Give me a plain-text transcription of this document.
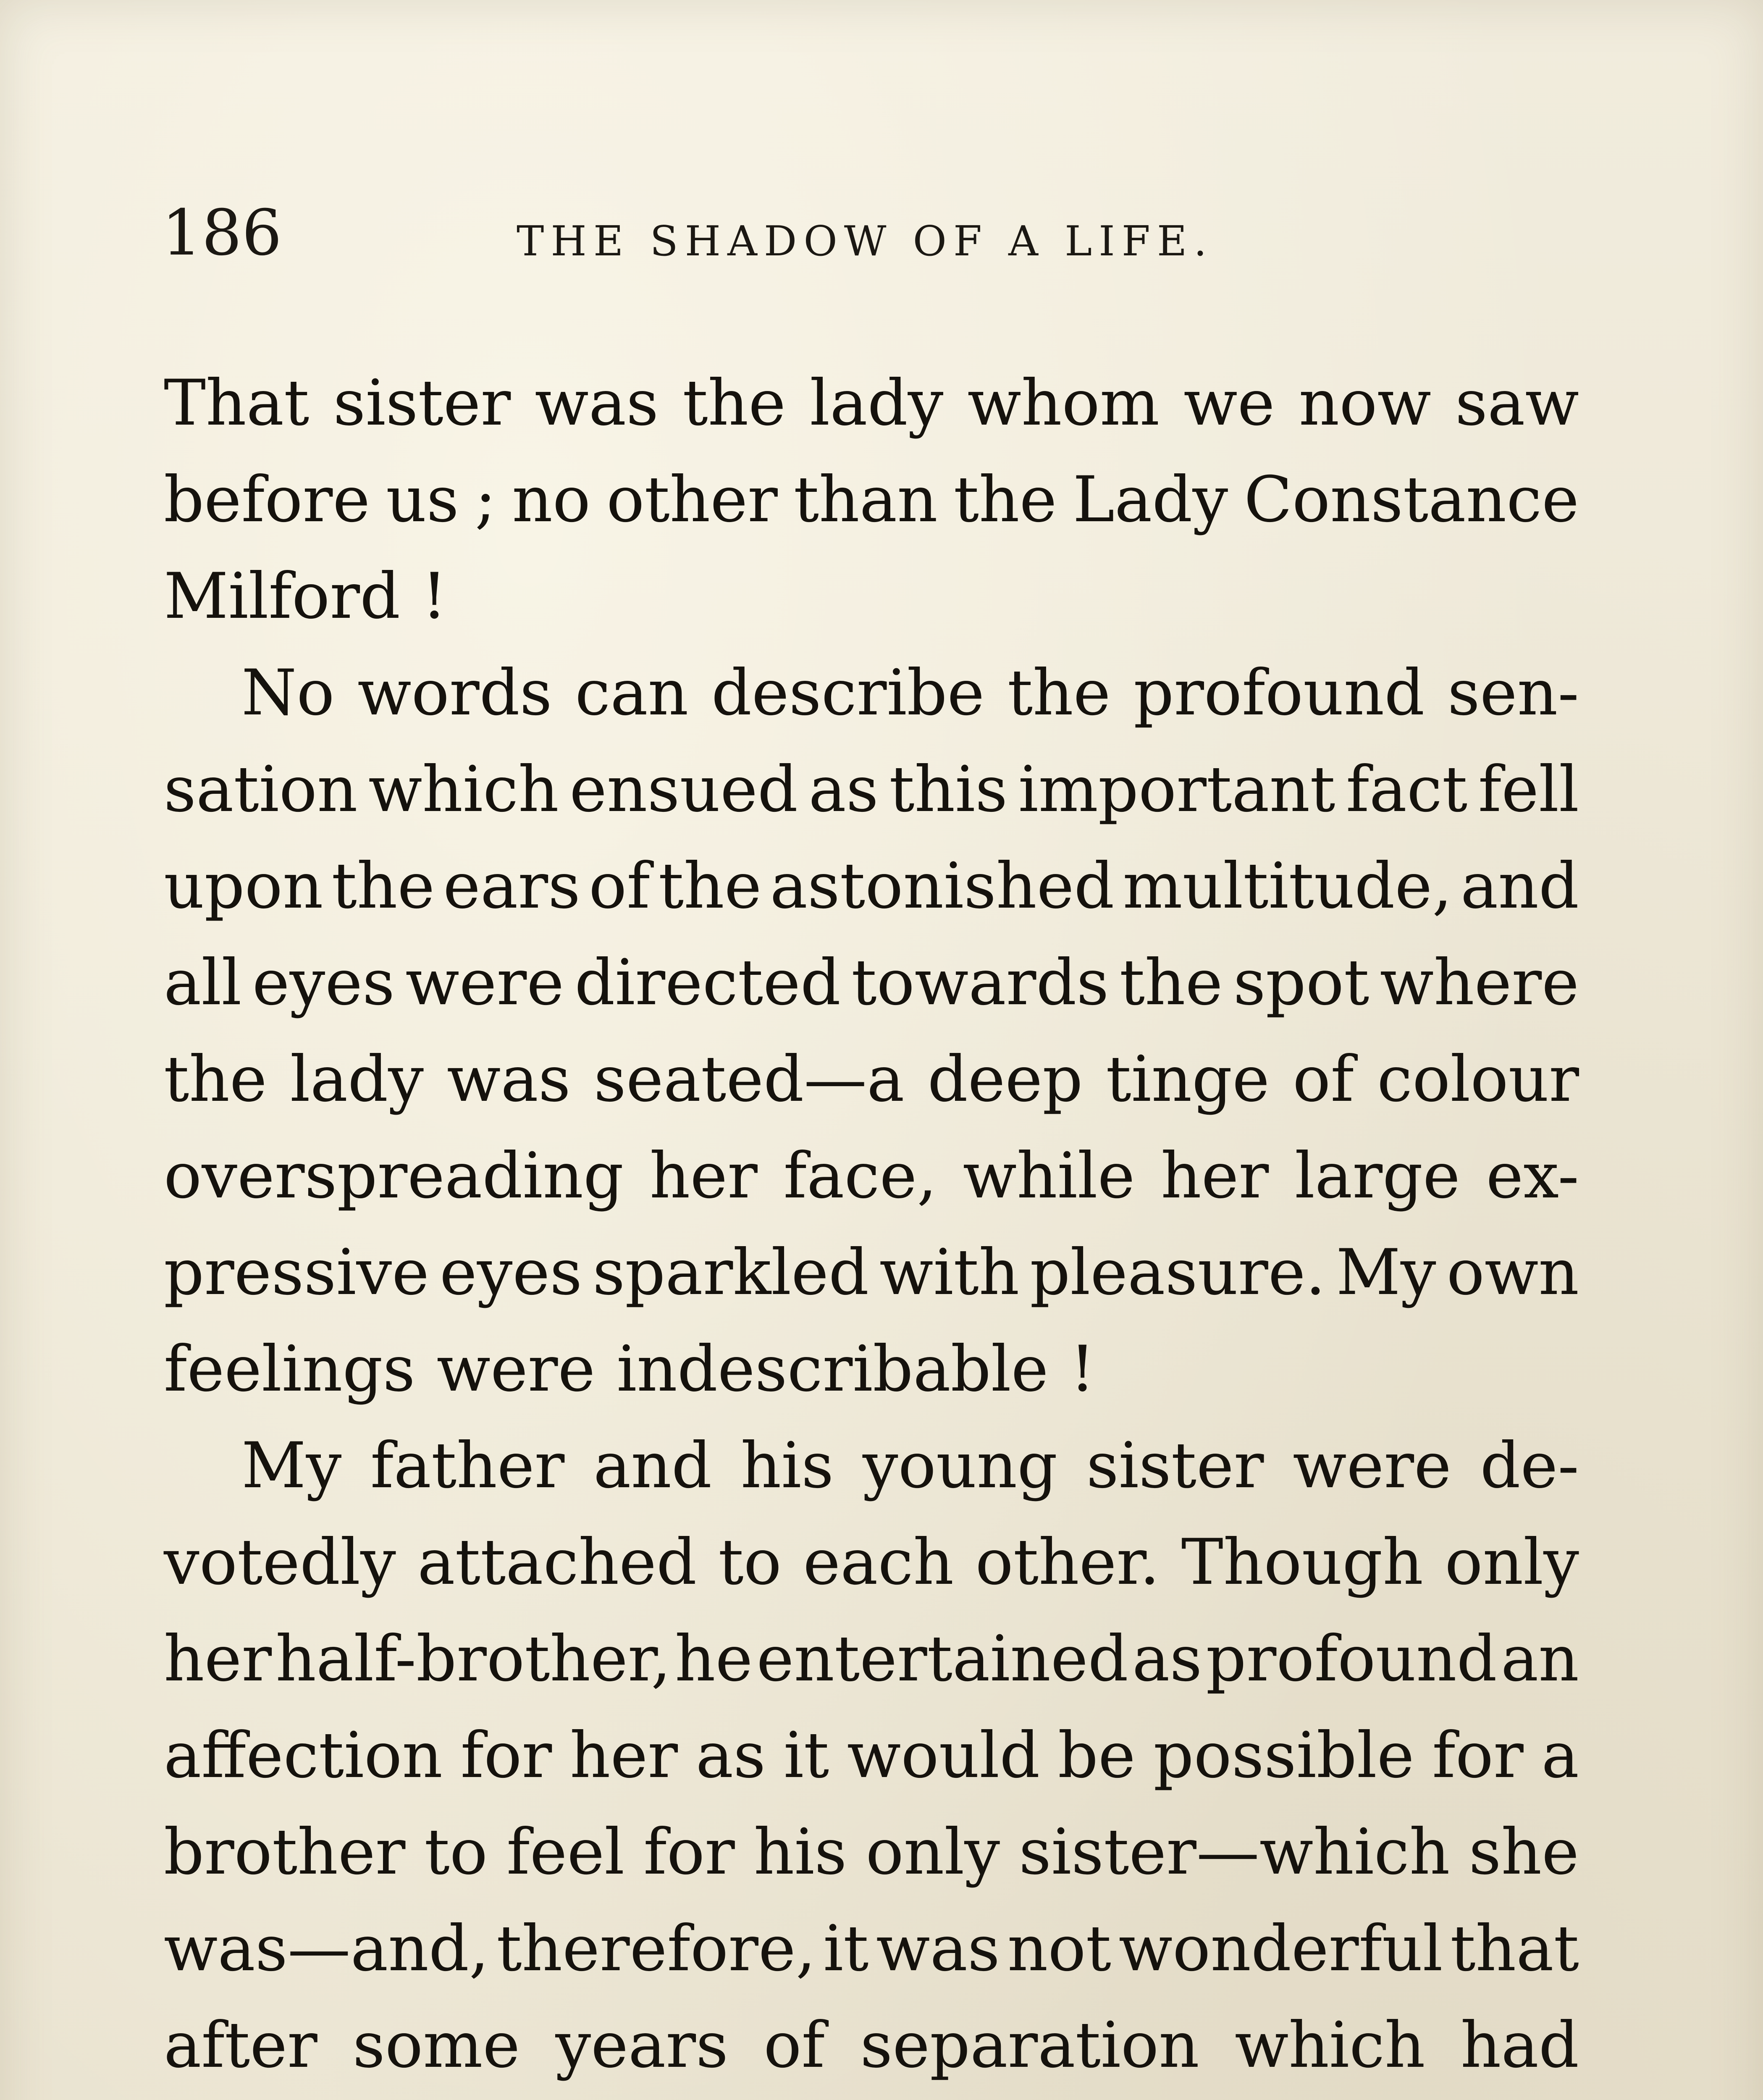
186	THE SHADOW OF A LIFE.
That sister was the lady whom we now saw
before us ; no other than the Lady Constance
Milford !
No words can describe the profound sen-
sation which ensued as this important fact fell
upon the ears of the astonished multitude, and
all eyes were directed towards the spot where
the lady was seated—a deep tinge of colour
overspreading her face, while her large ex-
pressive eyes sparkled with pleasure. My own
feelings were indescribable !
My father and his young sister were de-
votedly attached to each other. Though only
her half-brother, he entertained as profound an
affection for her as it would be possible for a
brother to feel for his only sister—which she
was—and, therefore, it was not wonderful that
after some years of separation which had
